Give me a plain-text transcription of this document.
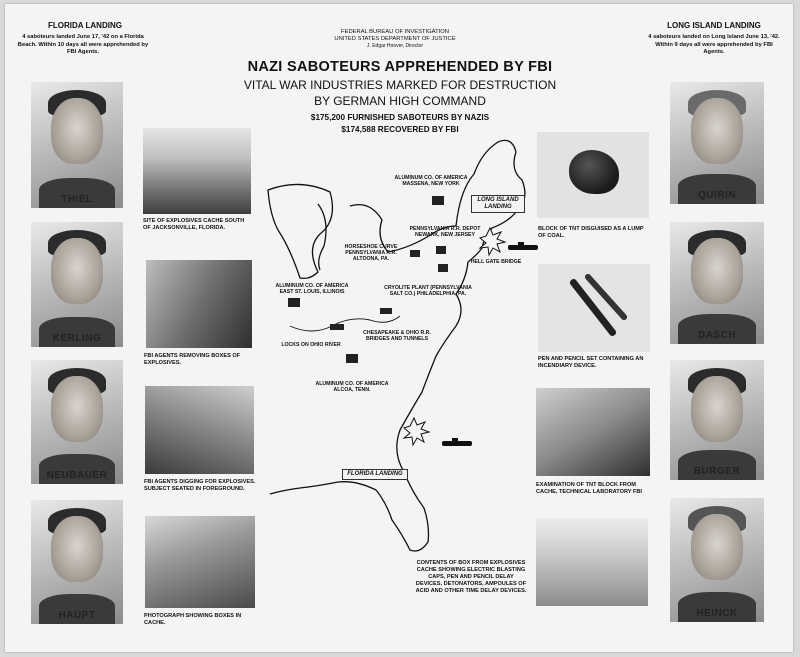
FLORIDA LANDING
4 saboteurs landed June 17, '42 on a Florida Beach. Within 10 days all were apprehended by FBI Agents.
LONG ISLAND LANDING
4 saboteurs landed on Long Island June 13, '42. Within 9 days all were apprehended by FBI Agents.
FEDERAL BUREAU OF INVESTIGATION
UNITED STATES DEPARTMENT OF JUSTICE
J. Edgar Hoover, Director
NAZI SABOTEURS APPREHENDED BY FBI
VITAL WAR INDUSTRIES MARKED FOR DESTRUCTION
BY GERMAN HIGH COMMAND
$175,200 FURNISHED SABOTEURS BY NAZIS
$174,588 RECOVERED BY FBI
THIEL
KERLING
NEUBAUER
HAUPT
SITE OF EXPLOSIVES CACHE SOUTH OF JACKSONVILLE, FLORIDA.
FBI AGENTS REMOVING BOXES OF EXPLOSIVES.
FBI AGENTS DIGGING FOR EXPLOSIVES. SUBJECT SEATED IN FOREGROUND.
PHOTOGRAPH SHOWING BOXES IN CACHE.
QUIRIN
DASCH
BURGER
HEINCK
BLOCK OF TNT DISGUISED AS A LUMP OF COAL.
PEN AND PENCIL SET CONTAINING AN INCENDIARY DEVICE.
EXAMINATION OF TNT BLOCK FROM CACHE, TECHNICAL LABORATORY FBI
CONTENTS OF BOX FROM EXPLOSIVES CACHE SHOWING ELECTRIC BLASTING CAPS, PEN AND PENCIL DELAY DEVICES, DETONATORS, AMPOULES OF ACID AND OTHER TIME DELAY DEVICES.
ALUMINUM CO. OF AMERICA MASSENA, NEW YORK
LONG ISLAND LANDING
PENNSYLVANIA R.R. DEPOT NEWARK, NEW JERSEY
HORSESHOE CURVE PENNSYLVANIA R.R. ALTOONA, PA.	HELL GATE BRIDGE
ALUMINUM CO. OF AMERICA EAST ST. LOUIS, ILLINOIS
CRYOLITE PLANT (PENNSYLVANIA SALT CO.) PHILADELPHIA, PA.
CHESAPEAKE & OHIO R.R. BRIDGES AND TUNNELS
LOCKS ON OHIO RIVER
ALUMINUM CO. OF AMERICA ALCOA, TENN.
FLORIDA LANDING
